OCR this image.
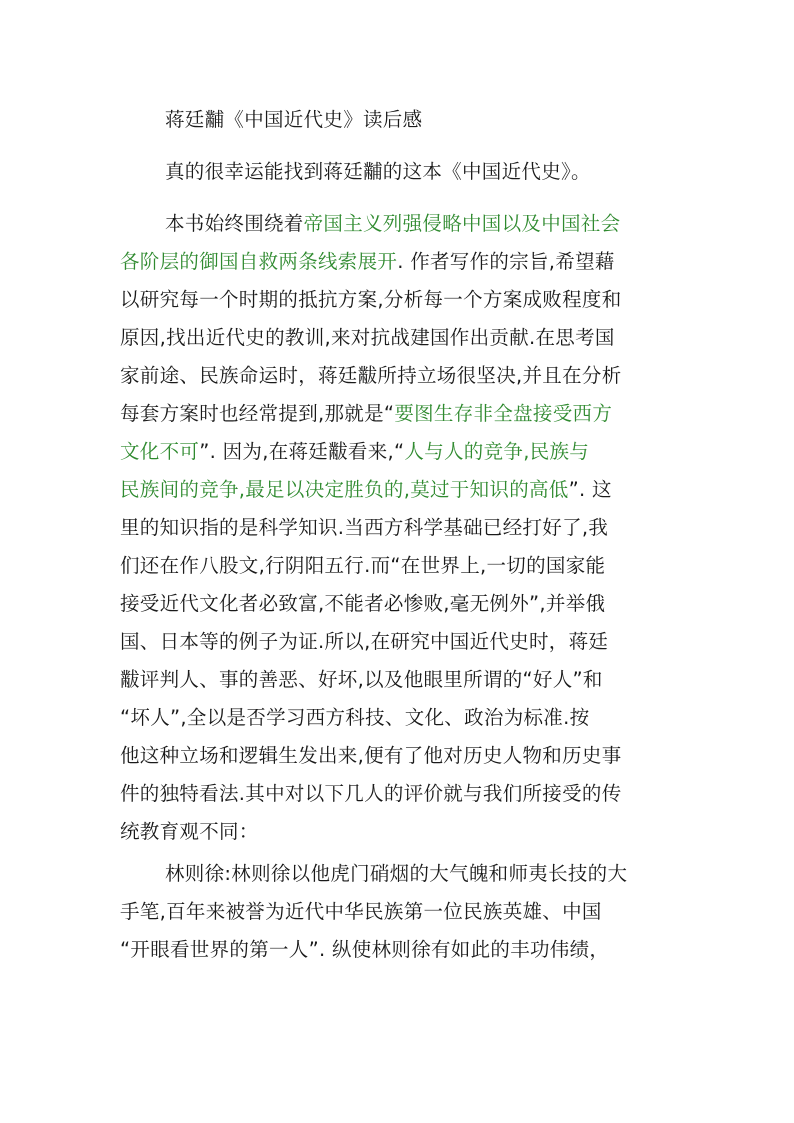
蒋廷黼《中国近代史》读后感
真的很幸运能找到蒋廷黼的这本《中国近代史》。
本书始终围绕着帝国主义列强侵略中国以及中国社会
各阶层的御国自救两条线索展开. 作者写作的宗旨,希望藉
以研究每一个时期的抵抗方案,分析每一个方案成败程度和
原因,找出近代史的教训,来对抗战建国作出贡献.在思考国
家前途、民族命运时，蒋廷黻所持立场很坚决,并且在分析
每套方案时也经常提到,那就是“要图生存非全盘接受西方
文化不可”. 因为,在蒋廷黻看来,“人与人的竞争,民族与
民族间的竞争,最足以决定胜负的,莫过于知识的高低”. 这
里的知识指的是科学知识.当西方科学基础已经打好了,我
们还在作八股文,行阴阳五行.而“在世界上,一切的国家能
接受近代文化者必致富,不能者必惨败,毫无例外”,并举俄
国、日本等的例子为证.所以,在研究中国近代史时，蒋廷
黻评判人、事的善恶、好坏,以及他眼里所谓的“好人”和
“坏人”,全以是否学习西方科技、文化、政治为标准.按
他这种立场和逻辑生发出来,便有了他对历史人物和历史事
件的独特看法.其中对以下几人的评价就与我们所接受的传
统教育观不同：
林则徐:林则徐以他虎门硝烟的大气魄和师夷长技的大
手笔,百年来被誉为近代中华民族第一位民族英雄、中国
“开眼看世界的第一人”. 纵使林则徐有如此的丰功伟绩，
